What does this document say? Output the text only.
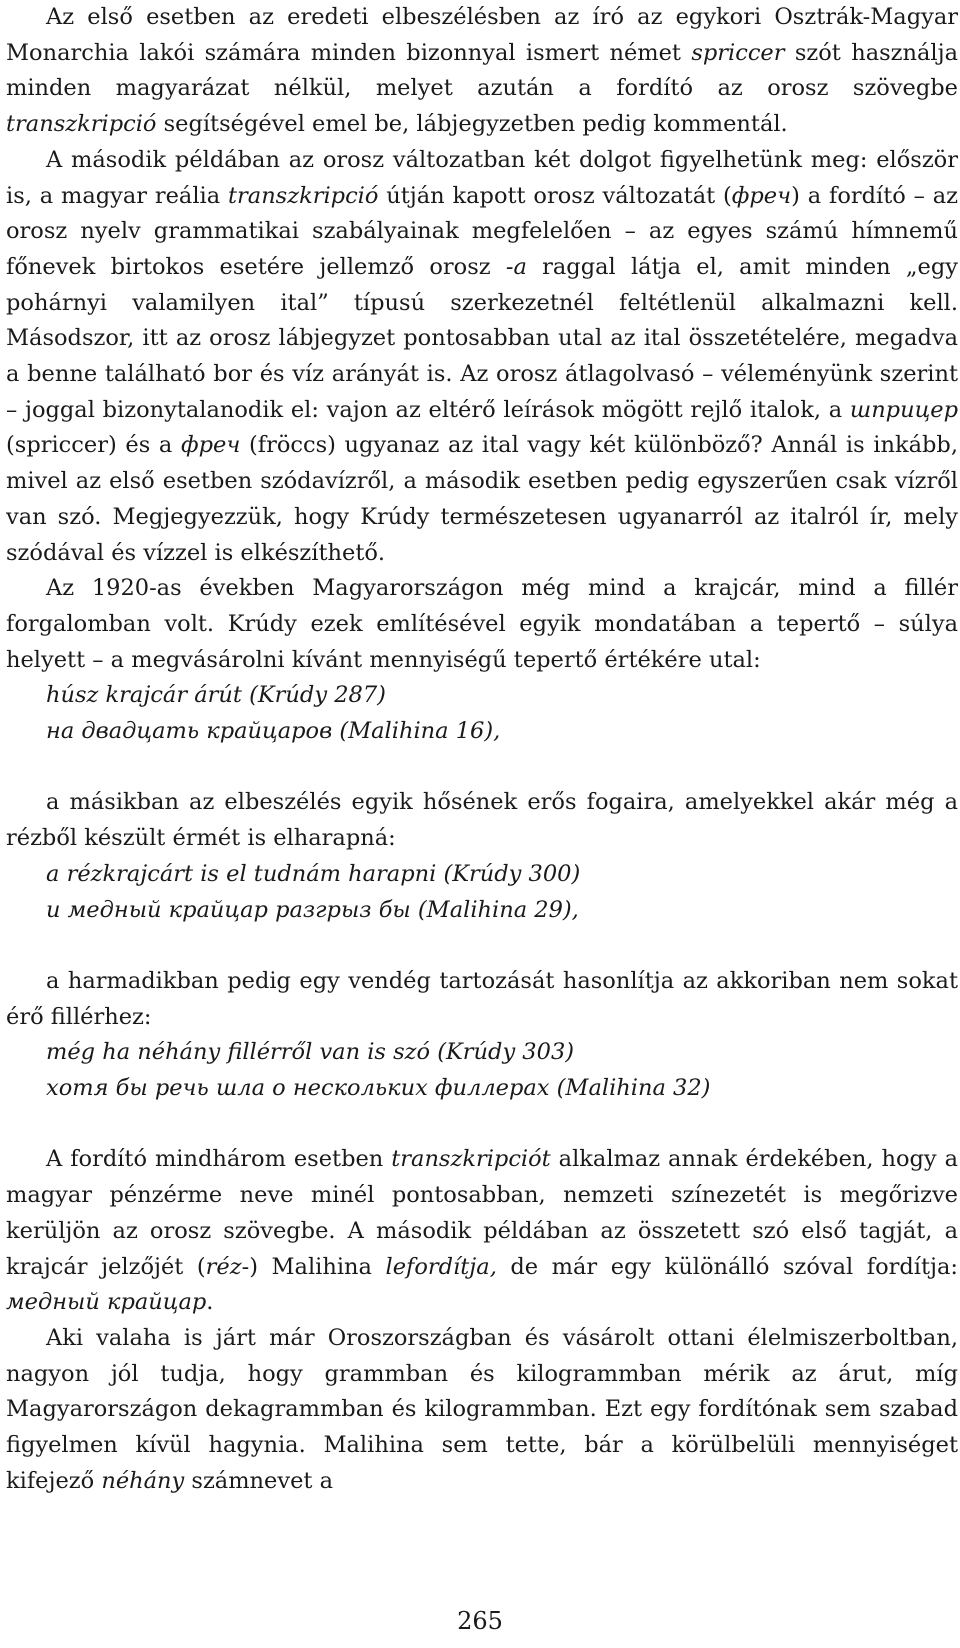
Az első esetben az eredeti elbeszélésben az író az egykori Osztrák-Magyar Monarchia lakói számára minden bizonnyal ismert német spriccer szót használja minden magyarázat nélkül, melyet azután a fordító az orosz szövegbe transzkripció segítségével emel be, lábjegyzetben pedig kommentál.

A második példában az orosz változatban két dolgot figyelhetünk meg: először is, a magyar reália transzkripció útján kapott orosz változatát (фреч) a fordító – az orosz nyelv grammatikai szabályainak megfelelően – az egyes számú hímnemű főnevek birtokos esetére jellemző orosz -а raggal látja el, amit minden „egy pohárnyi valamilyen ital” típusú szerkezetnél feltétlenül alkalmazni kell. Másodszor, itt az orosz lábjegyzet pontosabban utal az ital összetételére, megadva a benne található bor és víz arányát is. Az orosz átlagolvasó – véleményünk szerint – joggal bizonytalanodik el: vajon az eltérő leírások mögött rejlő italok, a шприцер (spriccer) és a фреч (fröccs) ugyanaz az ital vagy két különböző? Annál is inkább, mivel az első esetben szódavízről, a második esetben pedig egyszerűen csak vízről van szó. Megjegyezzük, hogy Krúdy természetesen ugyanarról az italról ír, mely szódával és vízzel is elkészíthető.

Az 1920-as években Magyarországon még mind a krajcár, mind a fillér forgalomban volt. Krúdy ezek említésével egyik mondatában a tepertő – súlya helyett – a megvásárolni kívánt mennyiségű tepertő értékére utal:

húsz krajcár árút (Krúdy 287)
на двадцать крайцаров (Malihina 16),

a másikban az elbeszélés egyik hősének erős fogaira, amelyekkel akár még a rézből készült érmét is elharapná:

a rézkrajcárt is el tudnám harapni (Krúdy 300)
и медный крайцар разгрыз бы (Malihina 29),

a harmadikban pedig egy vendég tartozását hasonlítja az akkoriban nem sokat érő fillérhez:

még ha néhány fillérről van is szó (Krúdy 303)
хотя бы речь шла о нескольких филлерах (Malihina 32)

A fordító mindhárom esetben transzkripciót alkalmaz annak érdekében, hogy a magyar pénzérme neve minél pontosabban, nemzeti színezetét is megőrizve kerüljön az orosz szövegbe. A második példában az összetett szó első tagját, a krajcár jelzőjét (réz-) Malihina lefordítja, de már egy különálló szóval fordítja: медный крайцар.

Aki valaha is járt már Oroszországban és vásárolt ottani élelmiszerboltban, nagyon jól tudja, hogy grammban és kilogrammban mérik az árut, míg Magyarországon dekagrammban és kilogrammban. Ezt egy fordítónak sem szabad figyelmen kívül hagynia. Malihina sem tette, bár a körülbelüli mennyiséget kifejező néhány számnevet a

265
